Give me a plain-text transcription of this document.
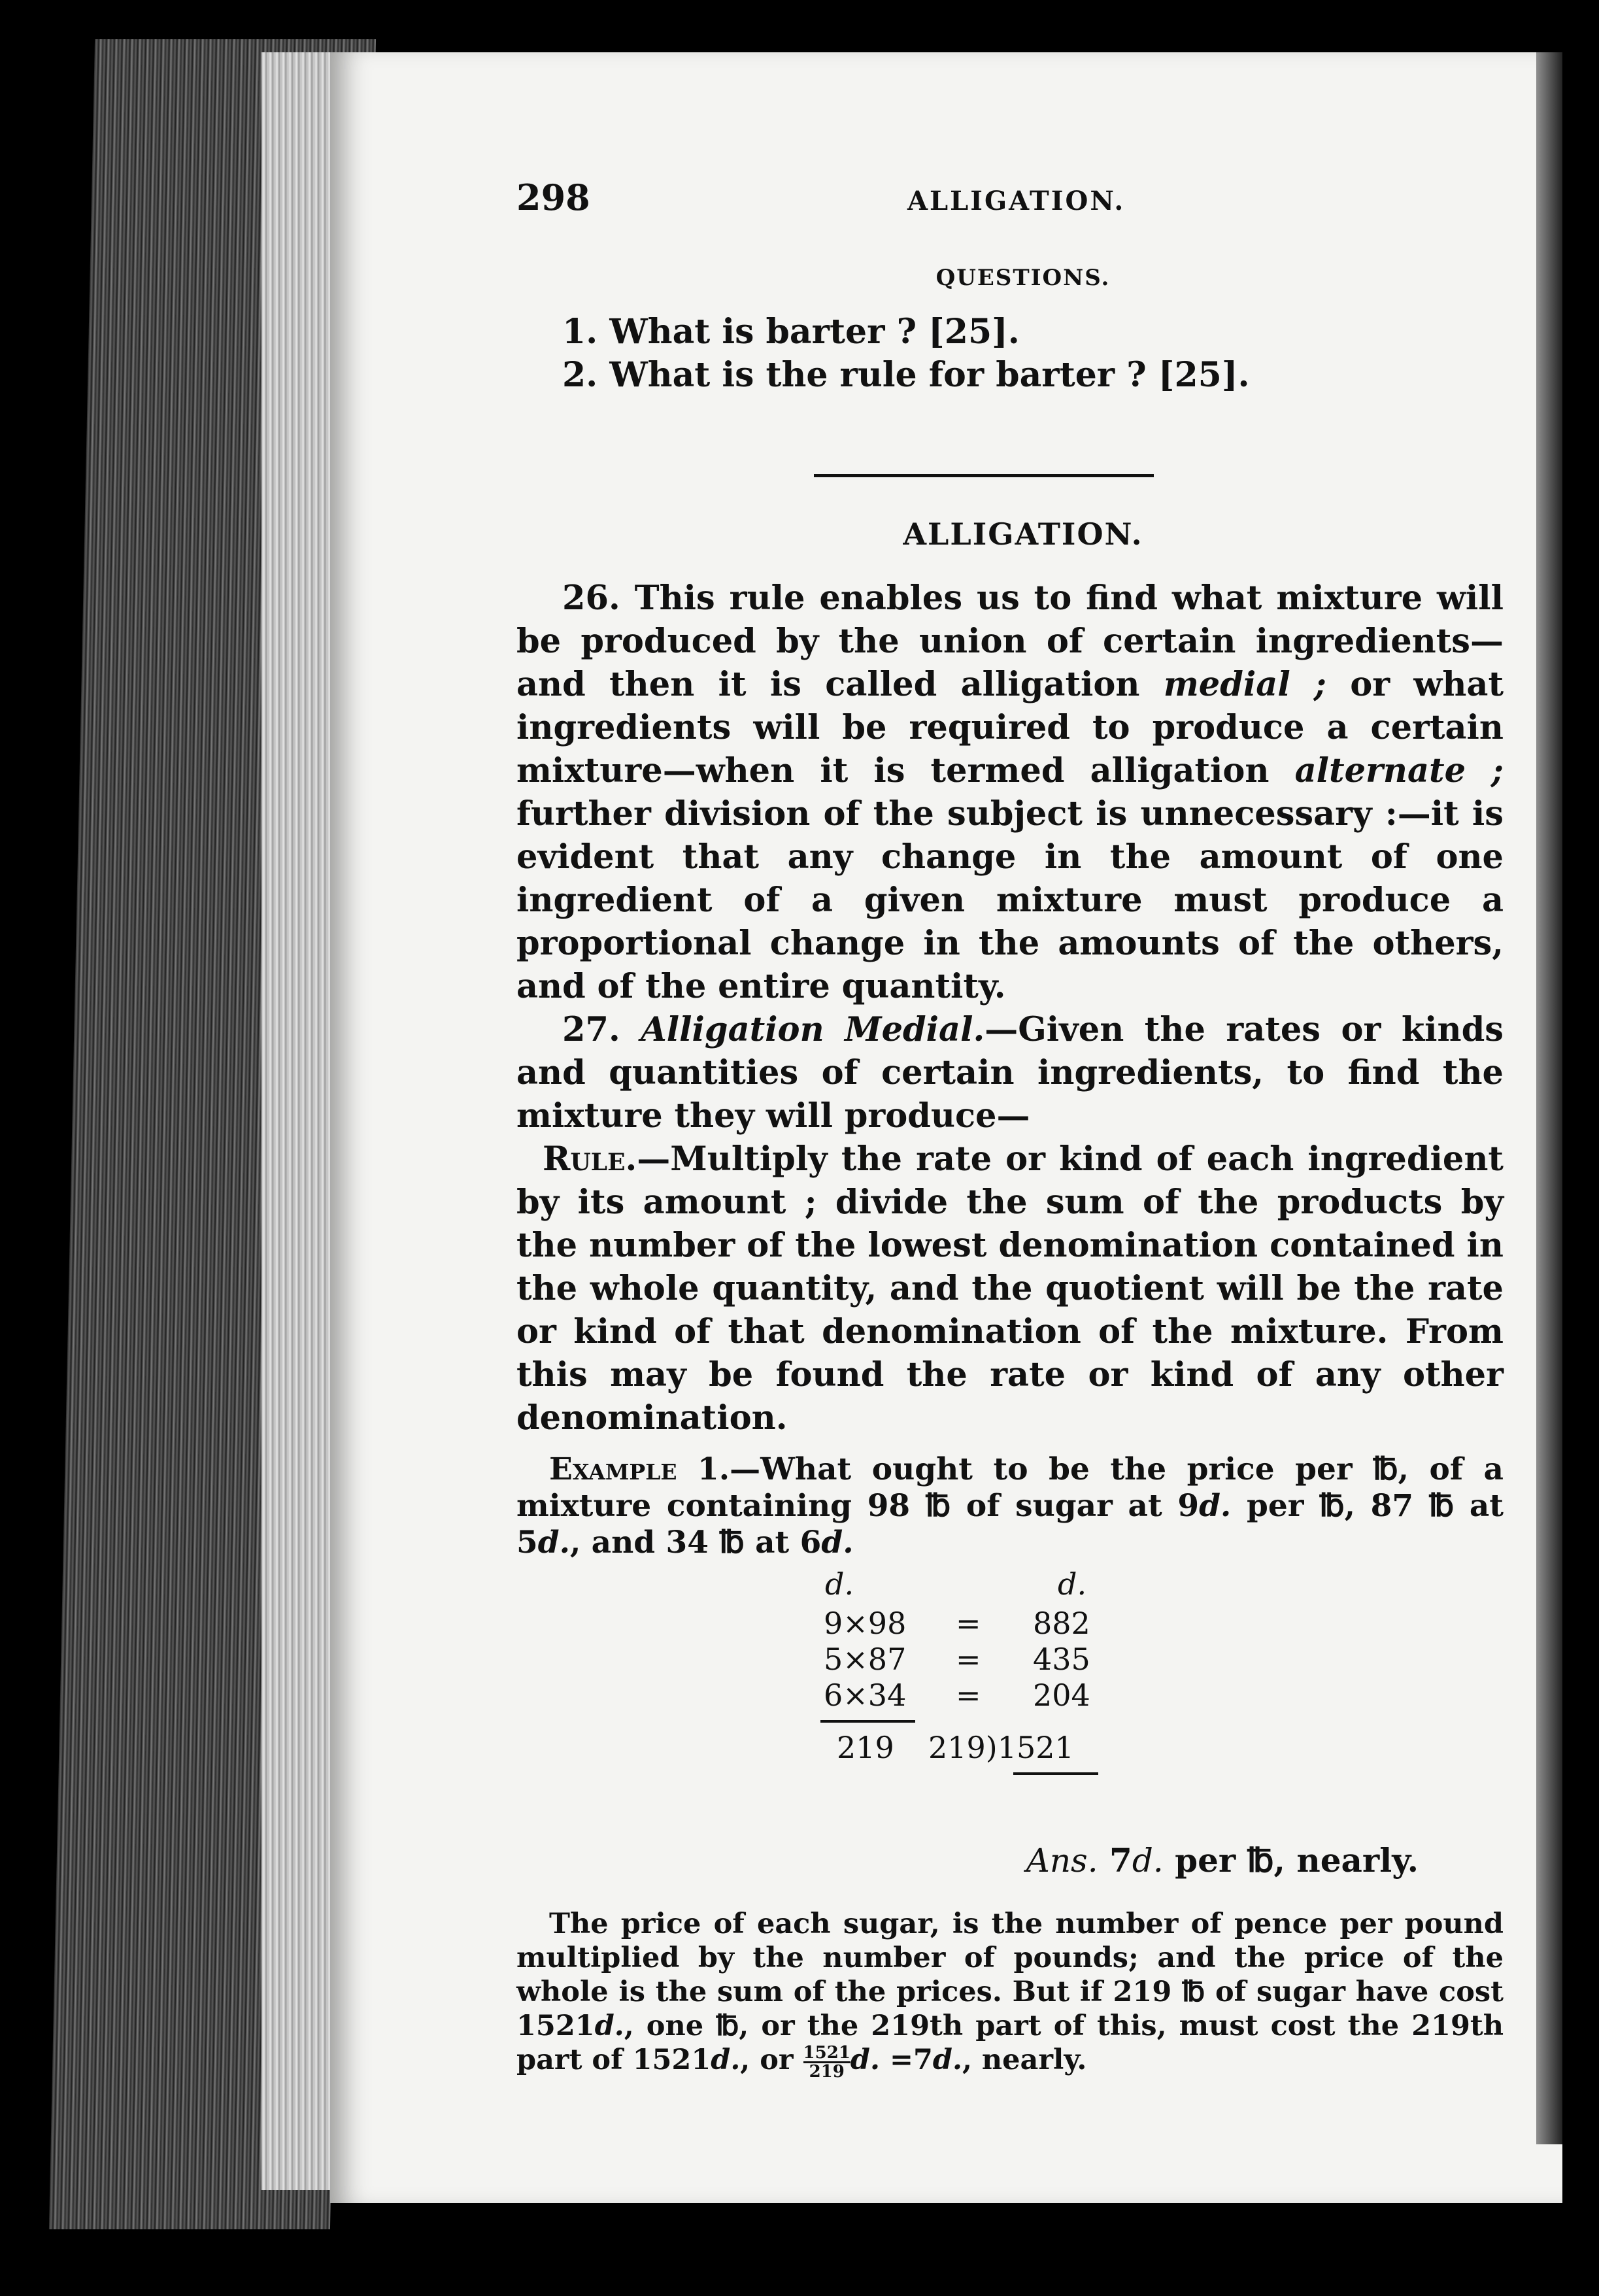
298	ALLIGATION.
QUESTIONS.
1. What is barter ? [25].
2. What is the rule for barter ? [25].
ALLIGATION.

26. This rule enables us to find what mixture will be produced by the union of certain ingredients—and then it is called alligation medial ; or what ingredients will be required to produce a certain mixture—when it is termed alligation alternate ; further division of the subject is unnecessary :—it is evident that any change in the amount of one ingredient of a given mixture must produce a proportional change in the amounts of the others, and of the entire quantity.

27. Alligation Medial.—Given the rates or kinds and quantities of certain ingredients, to find the mixture they will produce—

Rule.—Multiply the rate or kind of each ingredient by its amount ; divide the sum of the products by the number of the lowest denomination contained in the whole quantity, and the quotient will be the rate or kind of that denomination of the mixture. From this may be found the rate or kind of any other denomination.

Example 1.—What ought to be the price per ℔, of a mixture containing 98 ℔ of sugar at 9d. per ℔, 87 ℔ at 5d., and 34 ℔ at 6d.

d.	d.
9×98 = 882
5×87 = 435
6×34 = 204
219 219)1521
Ans. 7d. per ℔, nearly.

The price of each sugar, is the number of pence per pound multiplied by the number of pounds; and the price of the whole is the sum of the prices. But if 219 ℔ of sugar have cost 1521d., one ℔, or the 219th part of this, must cost the 219th part of 1521d., or $\frac{1521}{219} d$. =7d., nearly.
